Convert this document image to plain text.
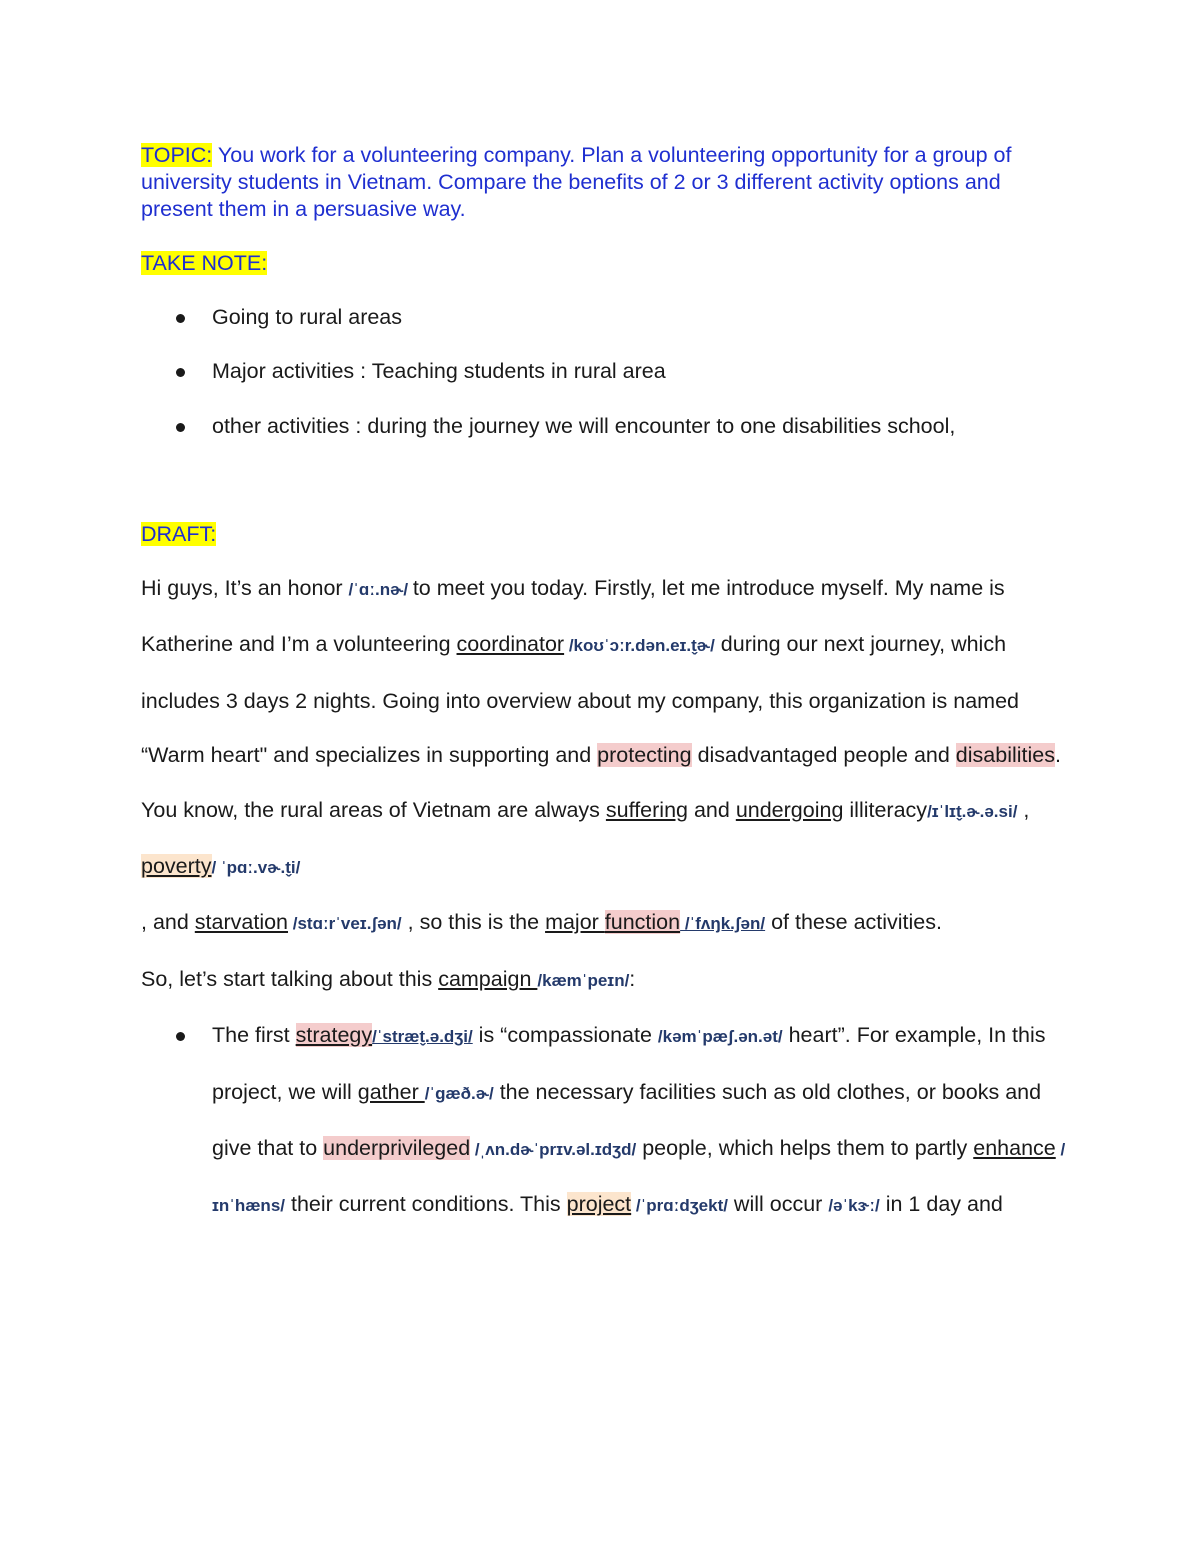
TOPIC: You work for a volunteering company. Plan a volunteering opportunity for a group of university students in Vietnam. Compare the benefits of 2 or 3 different activity options and present them in a persuasive way.
TAKE NOTE:
Going to rural areas
Major activities : Teaching students in rural area
other activities : during the journey we will encounter to one disabilities school,
DRAFT:

Hi guys, It’s an honor /ˈɑː.nɚ/ to meet you today. Firstly, let me introduce myself. My name is Katherine and I’m a volunteering coordinator /koʊˈɔːr.dən.eɪ.t̬ɚ/ during our next journey, which includes 3 days 2 nights. Going into overview about my company, this organization is named “Warm heart" and specializes in supporting and protecting disadvantaged people and disabilities. You know, the rural areas of Vietnam are always suffering and undergoing illiteracy/ɪˈlɪt̬.ɚ.ə.si/ , poverty/ ˈpɑː.vɚ.t̬i/

, and starvation /stɑːrˈveɪ.ʃən/ , so this is the major function /ˈfʌŋk.ʃən/ of these activities.

So, let’s start talking about this campaign /kæmˈpeɪn/:

The first strategy/ˈstræt̬.ə.dʒi/ is “compassionate /kəmˈpæʃ.ən.ət/ heart”. For example, In this project, we will gather /ˈɡæð.ɚ/ the necessary facilities such as old clothes, or books and give that to underprivileged /ˌʌn.dɚˈprɪv.əl.ɪdʒd/ people, which helps them to partly enhance /ɪnˈhæns/ their current conditions. This project /ˈprɑːdʒekt/ will occur /əˈkɝː/ in 1 day and
